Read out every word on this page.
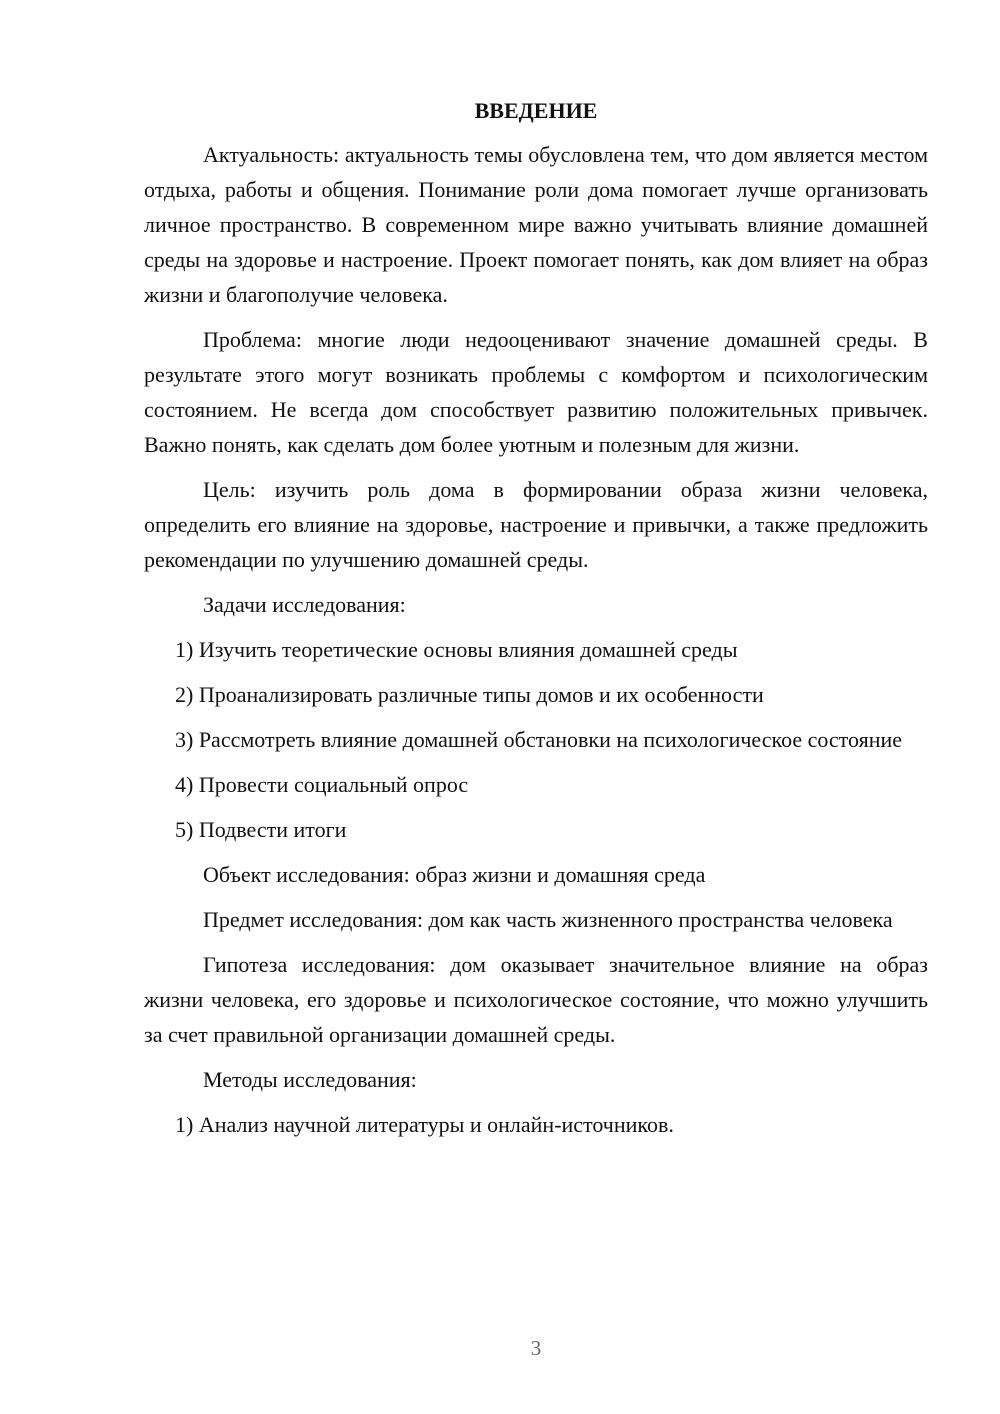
ВВЕДЕНИЕ

Актуальность: актуальность темы обусловлена тем, что дом является местом отдыха, работы и общения. Понимание роли дома помогает лучше организовать личное пространство. В современном мире важно учитывать влияние домашней среды на здоровье и настроение. Проект помогает понять, как дом влияет на образ жизни и благополучие человека.

Проблема: многие люди недооценивают значение домашней среды. В результате этого могут возникать проблемы с комфортом и психологическим состоянием. Не всегда дом способствует развитию положительных привычек. Важно понять, как сделать дом более уютным и полезным для жизни.

Цель: изучить роль дома в формировании образа жизни человека, определить его влияние на здоровье, настроение и привычки, а также предложить рекомендации по улучшению домашней среды.

Задачи исследования:

1) Изучить теоретические основы влияния домашней среды

2) Проанализировать различные типы домов и их особенности

3) Рассмотреть влияние домашней обстановки на психологическое состояние

4) Провести социальный опрос

5) Подвести итоги

Объект исследования: образ жизни и домашняя среда

Предмет исследования: дом как часть жизненного пространства человека

Гипотеза исследования: дом оказывает значительное влияние на образ жизни человека, его здоровье и психологическое состояние, что можно улучшить за счет правильной организации домашней среды.

Методы исследования:

1) Анализ научной литературы и онлайн-источников.

3
